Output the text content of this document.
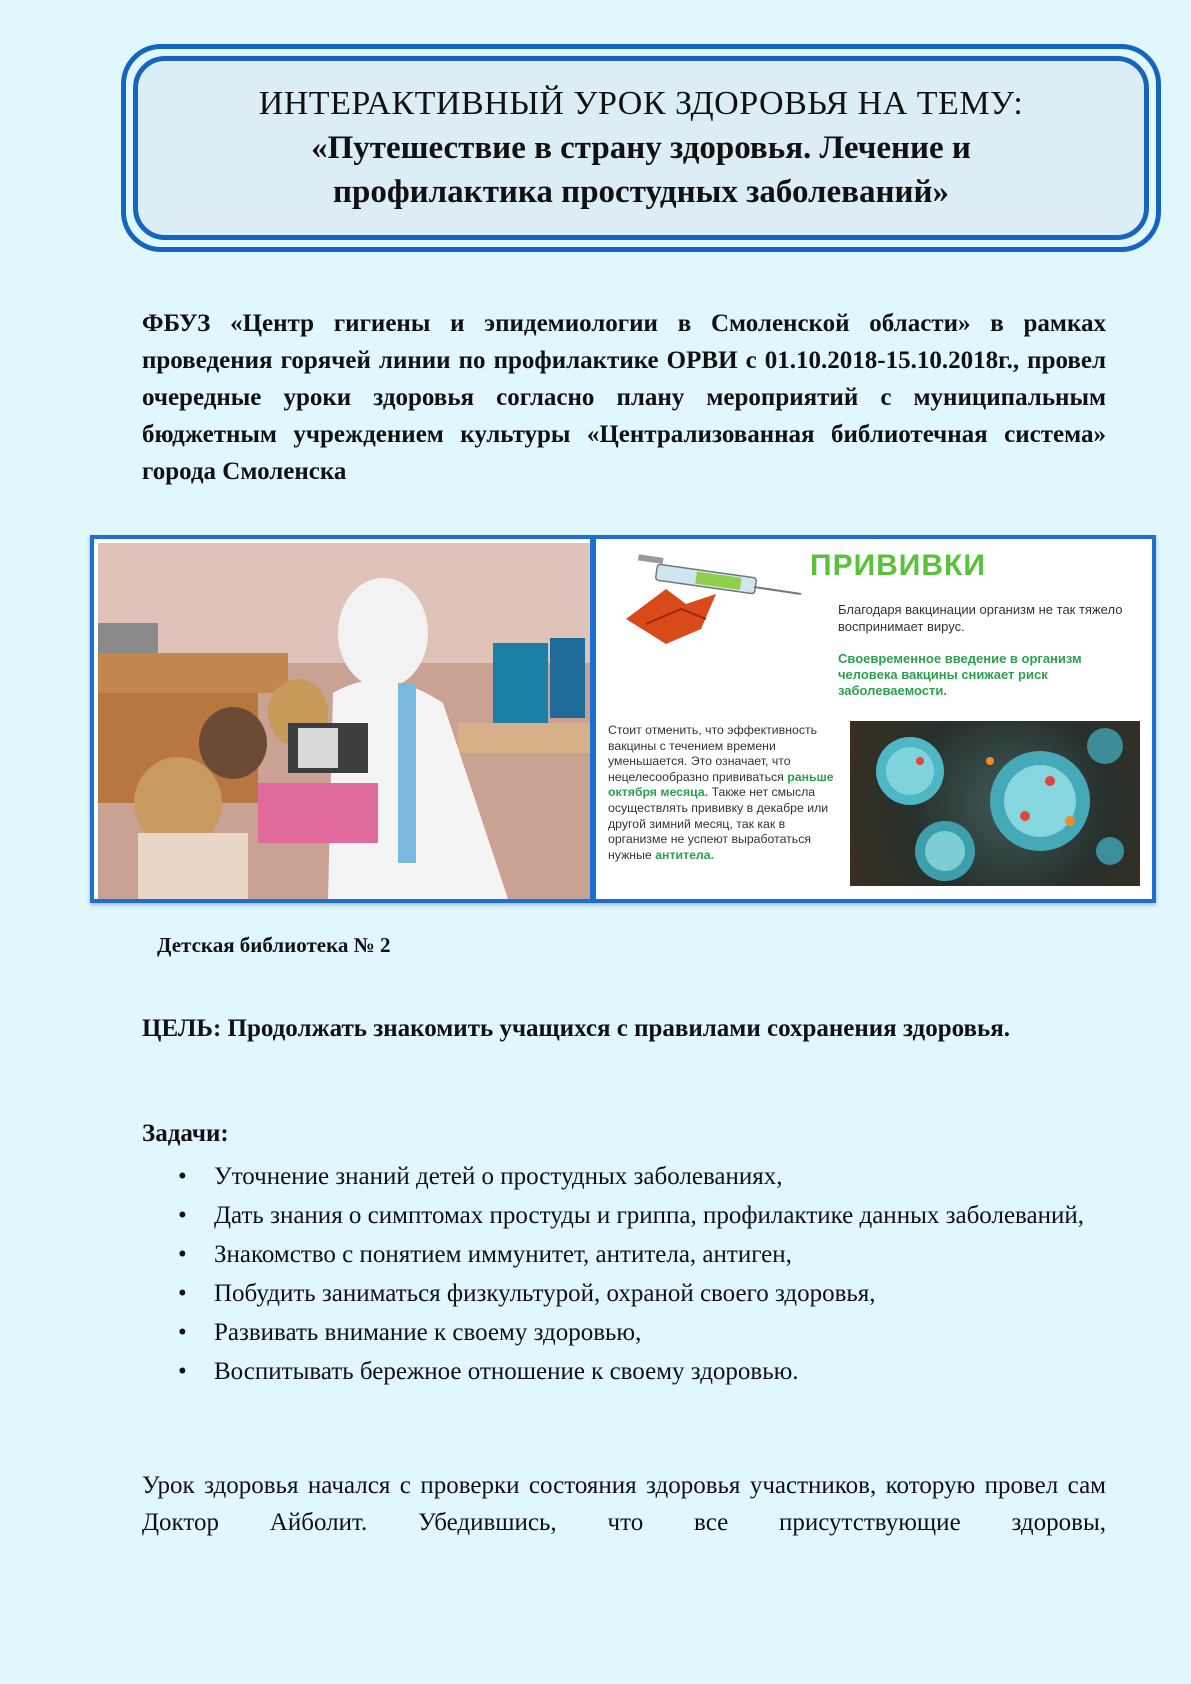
ИНТЕРАКТИВНЫЙ УРОК ЗДОРОВЬЯ НА ТЕМУ:
«Путешествие в страну здоровья. Лечение и
профилактика простудных заболеваний»
ФБУЗ «Центр гигиены и эпидемиологии в Смоленской области» в рамках проведения горячей линии по профилактике ОРВИ с 01.10.2018-15.10.2018г., провел очередные уроки здоровья согласно плану мероприятий с муниципальным бюджетным учреждением культуры «Централизованная библиотечная система» города Смоленска
ПРИВИВКИ
Благодаря вакцинации организм не так тяжело воспринимает вирус.
Своевременное введение в организм человека вакцины снижает риск заболеваемости.
Стоит отменить, что эффективность вакцины с течением времени уменьшается. Это означает, что нецелесообразно прививаться раньше октября месяца. Также нет смысла осуществлять прививку в декабре или другой зимний месяц, так как в организме не успеют выработаться нужные антитела.
Детская библиотека № 2
ЦЕЛЬ: Продолжать знакомить учащихся с правилами сохранения здоровья.
Задачи:
• Уточнение знаний детей о простудных заболеваниях,
• Дать знания о симптомах простуды и гриппа, профилактике данных заболеваний,
• Знакомство с понятием иммунитет, антитела, антиген,
• Побудить заниматься физкультурой, охраной своего здоровья,
• Развивать внимание к своему здоровью,
• Воспитывать бережное отношение к своему здоровью.
Урок здоровья начался с проверки состояния здоровья участников, которую провел сам Доктор Айболит. Убедившись, что все присутствующие здоровы,
